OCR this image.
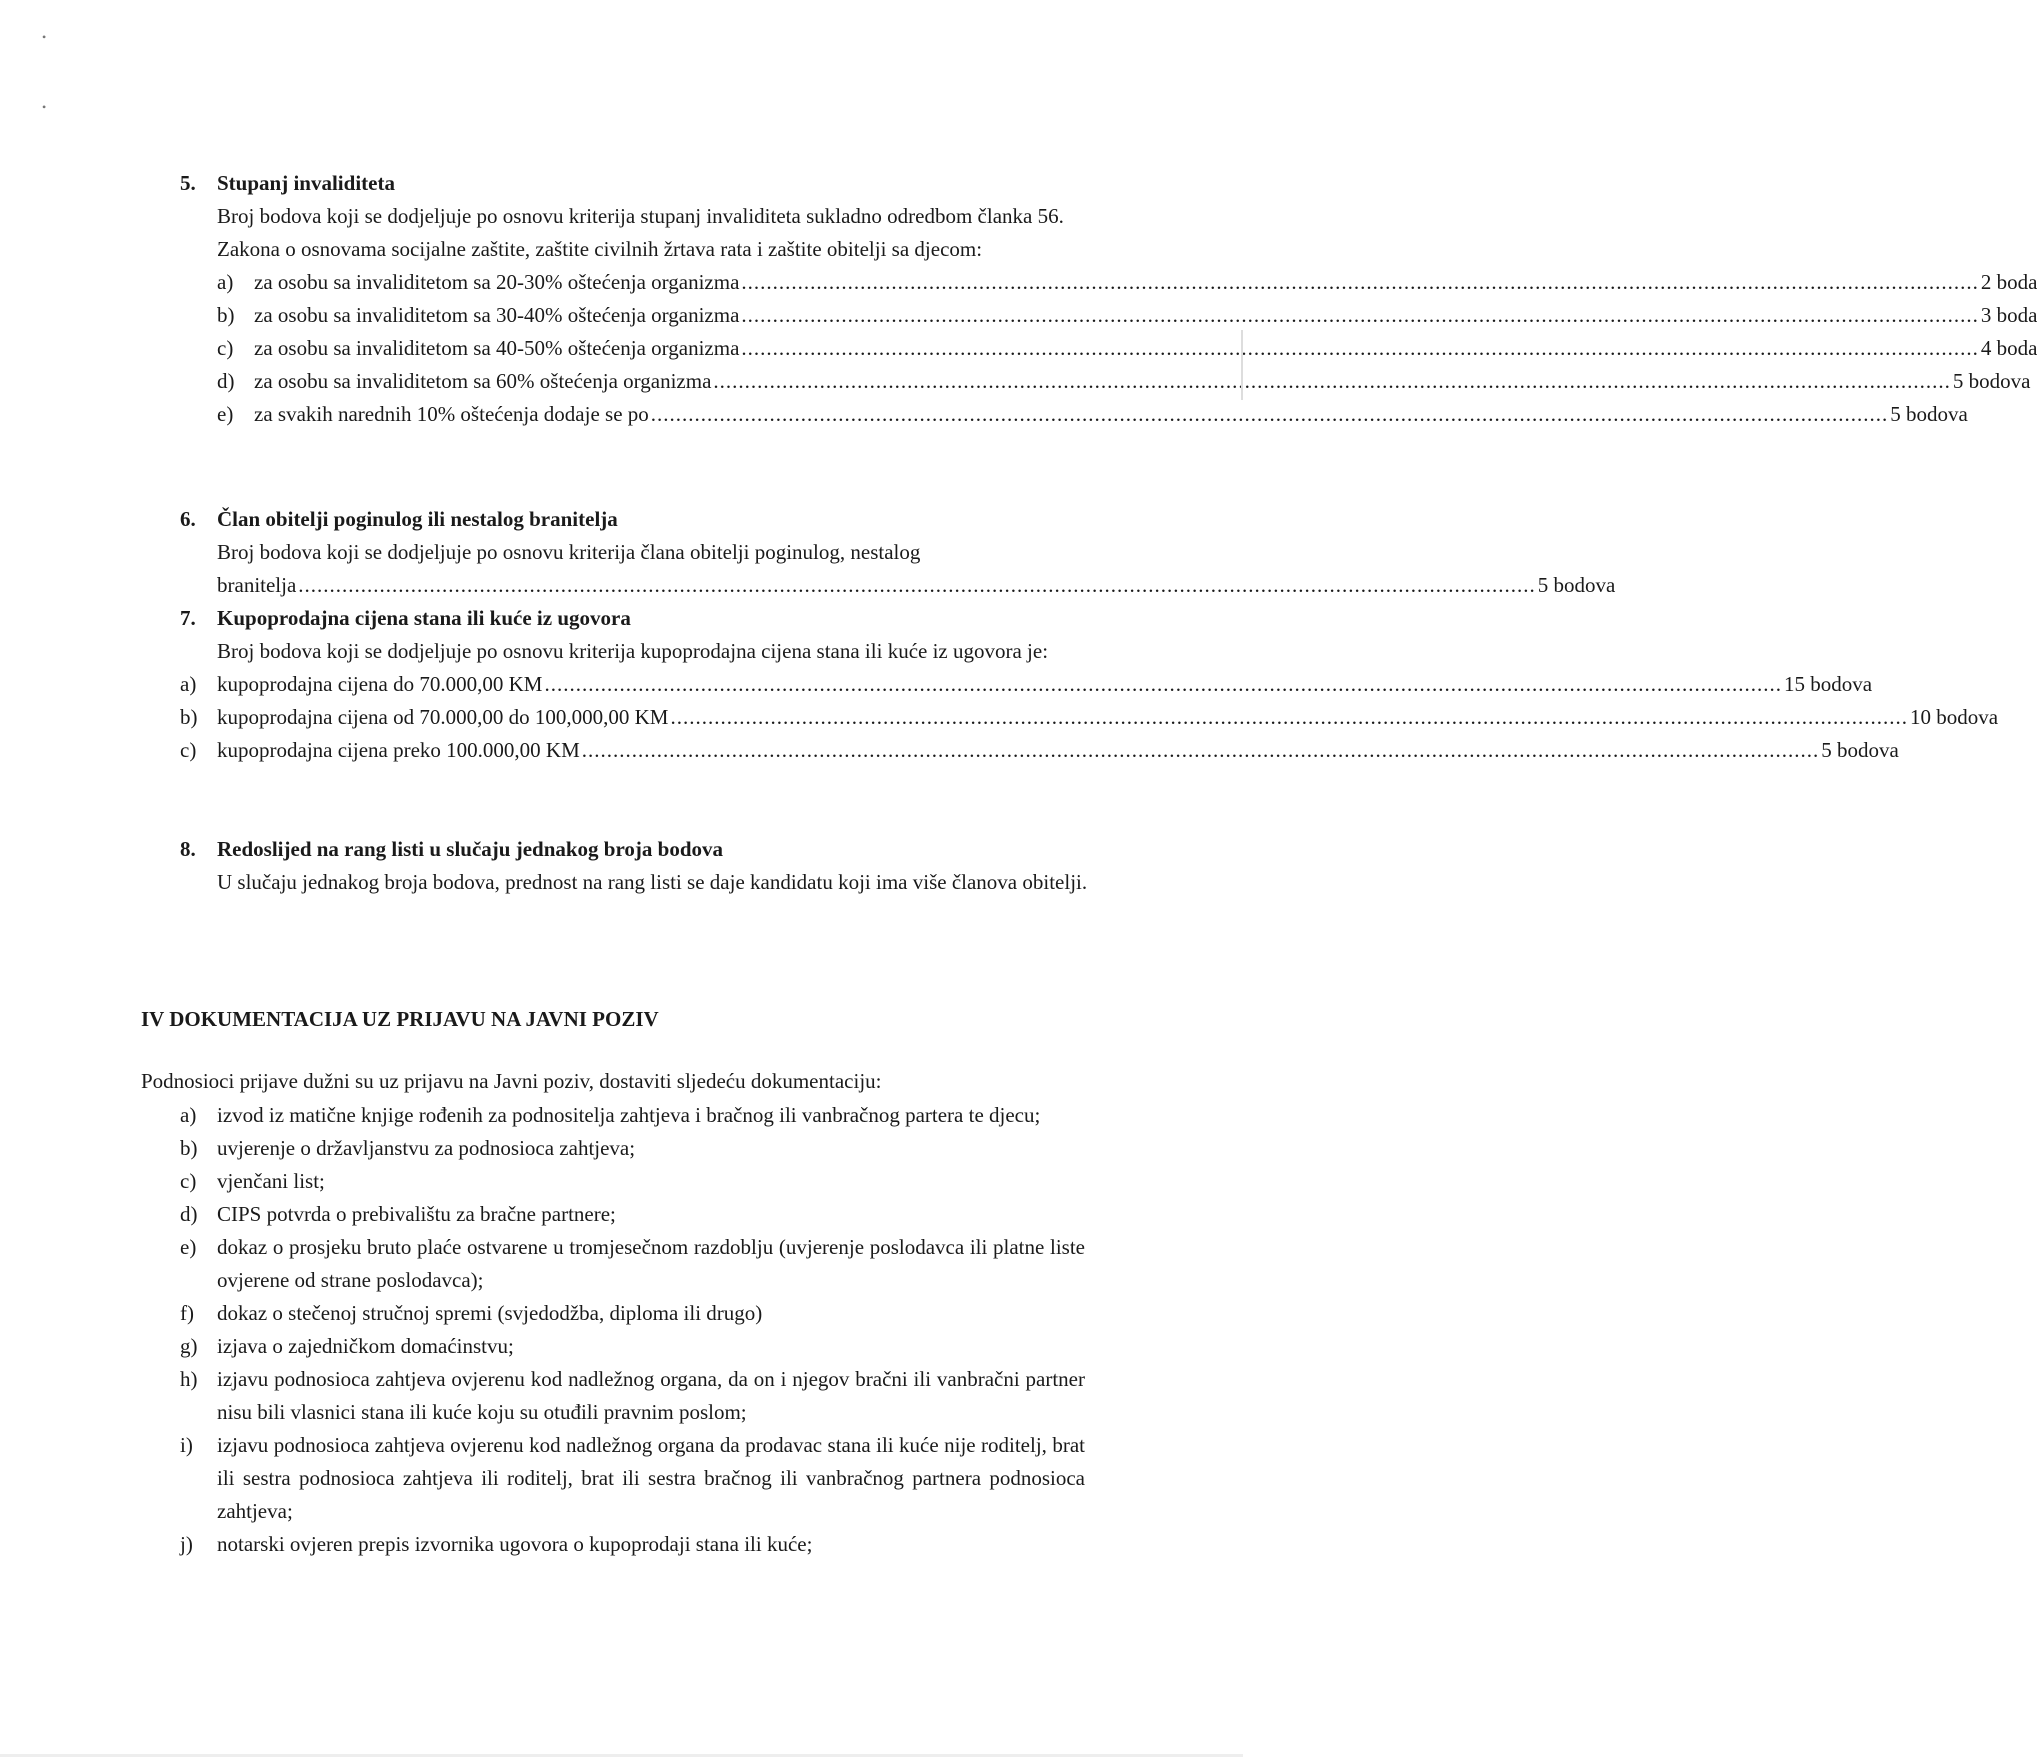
•
•
5.	Stupanj invaliditeta
Broj bodova koji se dodjeljuje po osnovu kriterija stupanj invaliditeta sukladno odredbom članka 56. Zakona o osnovama socijalne zaštite, zaštite civilnih žrtava rata i zaštite obitelji sa djecom:
a) za osobu sa invaliditetom sa 20-30% oštećenja organizma .....	2 boda
b) za osobu sa invaliditetom sa 30-40% oštećenja organizma .....	3 boda
c) za osobu sa invaliditetom sa 40-50% oštećenja organizma .....	4 boda
d) za osobu sa invaliditetom sa 60% oštećenja organizma .....	5 bodova
e) za svakih narednih 10% oštećenja dodaje se po .....	5 bodova
6.	Član obitelji poginulog ili nestalog branitelja
Broj bodova koji se dodjeljuje po osnovu kriterija člana obitelji poginulog, nestalog
branitelja .....	5 bodova
7.	Kupoprodajna cijena stana ili kuće iz ugovora
Broj bodova koji se dodjeljuje po osnovu kriterija kupoprodajna cijena stana ili kuće iz ugovora je:
a) kupoprodajna cijena do 70.000,00 KM .....	15 bodova
b) kupoprodajna cijena od 70.000,00 do 100,000,00 KM .....	10 bodova
c) kupoprodajna cijena preko 100.000,00 KM .....	5 bodova
8.	Redoslijed na rang listi u slučaju jednakog broja bodova
U slučaju jednakog broja bodova, prednost na rang listi se daje kandidatu koji ima više članova obitelji.
IV DOKUMENTACIJA UZ PRIJAVU NA JAVNI POZIV
Podnosioci prijave dužni su uz prijavu na Javni poziv, dostaviti sljedeću dokumentaciju:
a) izvod iz matične knjige rođenih za podnositelja zahtjeva i bračnog ili vanbračnog partera te djecu;
b) uvjerenje o državljanstvu za podnosioca zahtjeva;
c) vjenčani list;
d) CIPS potvrda o prebivalištu za bračne partnere;
e) dokaz o prosjeku bruto plaće ostvarene u tromjesečnom razdoblju (uvjerenje poslodavca ili platne liste ovjerene od strane poslodavca);
f)	dokaz o stečenoj stručnoj spremi (svjedodžba, diploma ili drugo)
g) izjava o zajedničkom domaćinstvu;
h) izjavu podnosioca zahtjeva ovjerenu kod nadležnog organa, da on i njegov bračni ili vanbračni partner nisu bili vlasnici stana ili kuće koju su otuđili pravnim poslom;
i)	izjavu podnosioca zahtjeva ovjerenu kod nadležnog organa da prodavac stana ili kuće nije roditelj, brat ili sestra podnosioca zahtjeva ili roditelj, brat ili sestra bračnog ili vanbračnog partnera podnosioca zahtjeva;
j)	notarski ovjeren prepis izvornika ugovora o kupoprodaji stana ili kuće;
